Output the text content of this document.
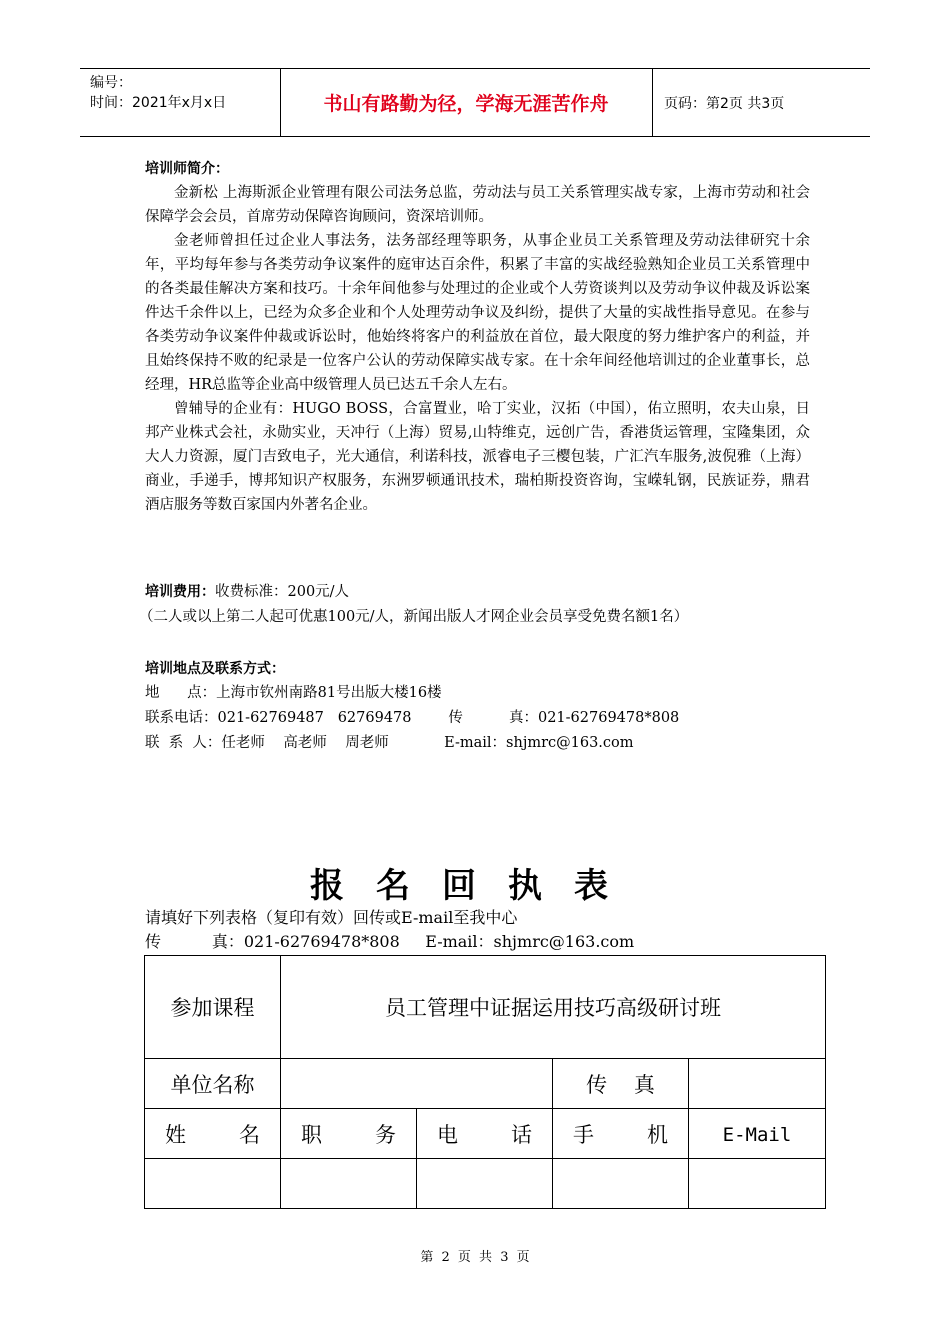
编号：
时间：2021年x月x日	书山有路勤为径，学海无涯苦作舟	页码：第2页 共3页
培训师简介：

金新松 上海斯派企业管理有限公司法务总监，劳动法与员工关系管理实战专家，上海市劳动和社会保障学会会员，首席劳动保障咨询顾问，资深培训师。

金老师曾担任过企业人事法务，法务部经理等职务，从事企业员工关系管理及劳动法律研究十余年，平均每年参与各类劳动争议案件的庭审达百余件，积累了丰富的实战经验熟知企业员工关系管理中的各类最佳解决方案和技巧。十余年间他参与处理过的企业或个人劳资谈判以及劳动争议仲裁及诉讼案件达千余件以上，已经为众多企业和个人处理劳动争议及纠纷，提供了大量的实战性指导意见。在参与各类劳动争议案件仲裁或诉讼时，他始终将客户的利益放在首位，最大限度的努力维护客户的利益，并且始终保持不败的纪录是一位客户公认的劳动保障实战专家。在十余年间经他培训过的企业董事长，总经理，HR总监等企业高中级管理人员已达五千余人左右。

曾辅导的企业有：HUGO BOSS，合富置业，哈丁实业，汉拓（中国），佑立照明，农夫山泉，日邦产业株式会社，永勋实业，天冲行（上海）贸易,山特维克，远创广告，香港货运管理，宝隆集团，众大人力资源，厦门吉致电子，光大通信，利诺科技，派睿电子三樱包装，广汇汽车服务,波倪雅（上海）商业，手递手，博邦知识产权服务，东洲罗顿通讯技术，瑞柏斯投资咨询，宝嵘轧钢，民族证券，鼎君酒店服务等数百家国内外著名企业。

培训费用：收费标准：200元/人
（二人或以上第二人起可优惠100元/人，新闻出版人才网企业会员享受免费名额1名）
培训地点及联系方式：
地      点：上海市钦州南路81号出版大楼16楼
联系电话：021-62769487   62769478        传          真：021-62769478*808
联  系  人：任老师    高老师    周老师            E-mail：shjmrc@163.com
报名回执表
请填好下列表格（复印有效）回传或E-mail至我中心
传          真：021-62769478*808     E-mail：shjmrc@163.com
参加课程	员工管理中证据运用技巧高级研讨班			
单位名称			传    真	

姓 名	职 务	电 话	手 机	E-Mail

第 2 页 共 3 页
